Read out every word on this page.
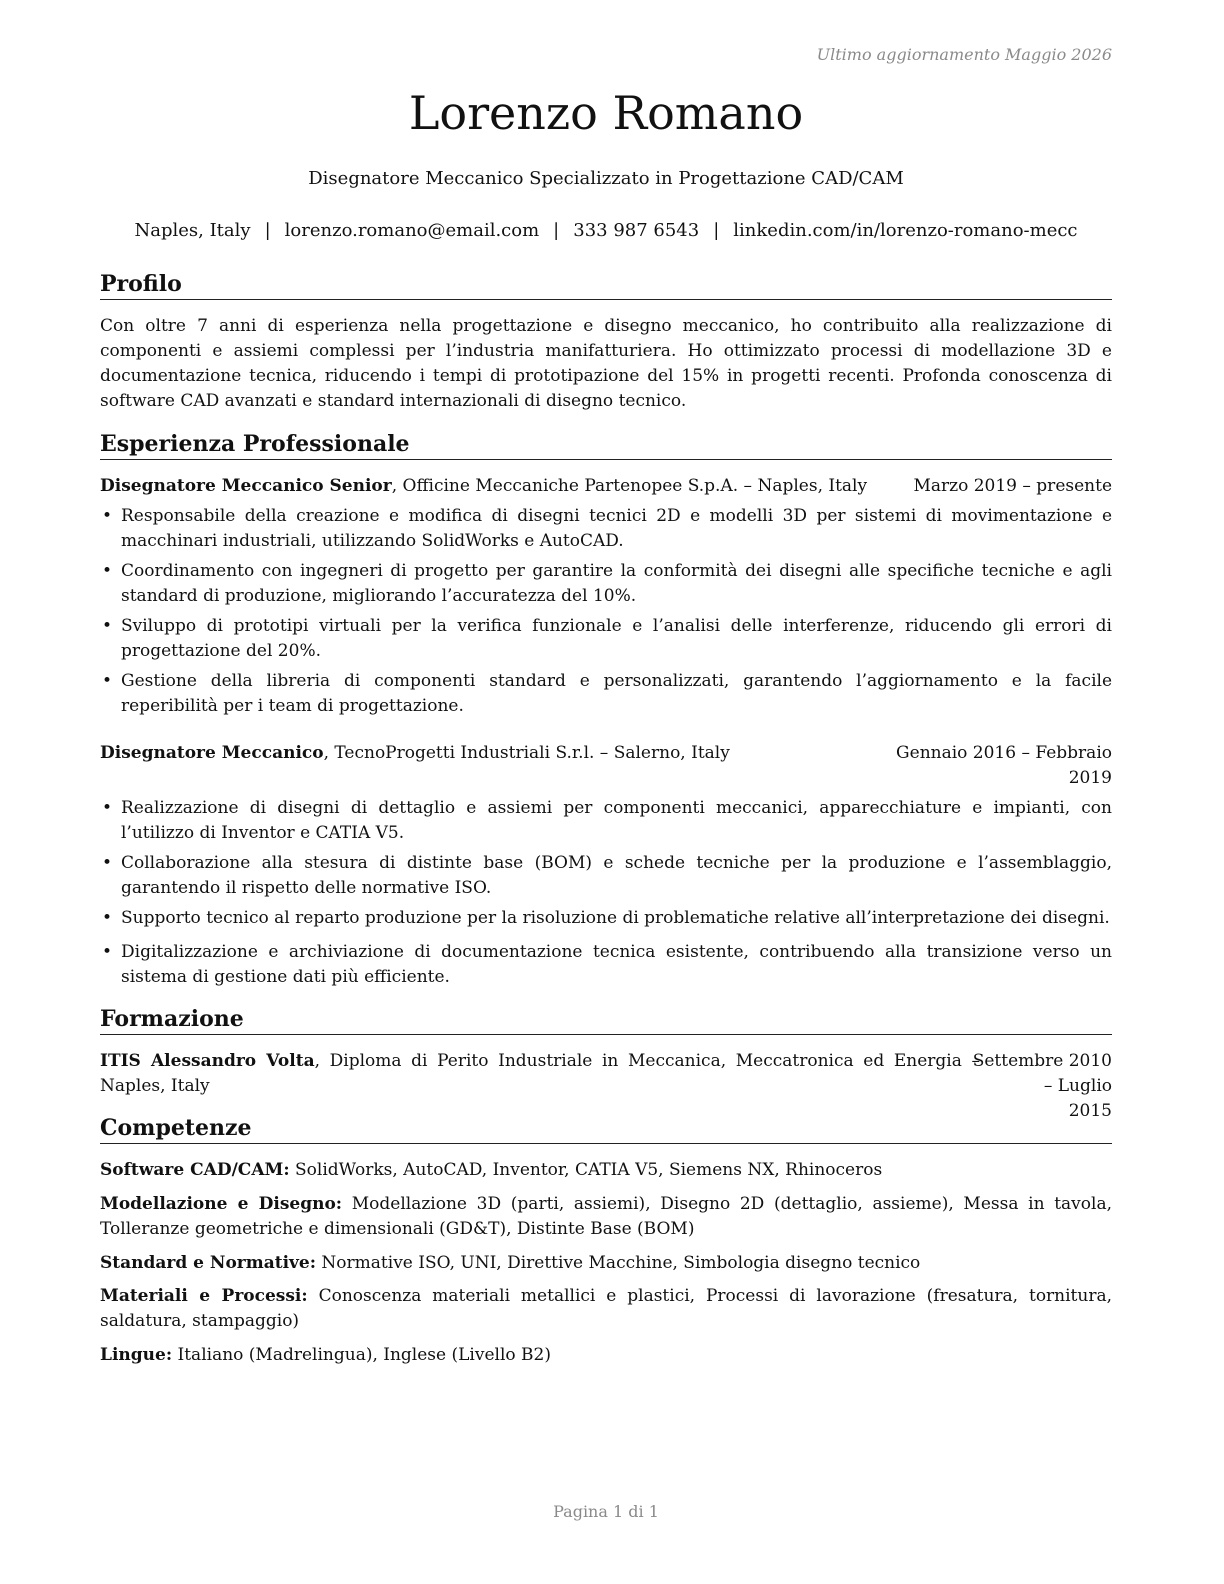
Ultimo aggiornamento Maggio 2026
Lorenzo Romano
Disegnatore Meccanico Specializzato in Progettazione CAD/CAM
Naples, Italy | lorenzo.romano@email.com | 333 987 6543 | linkedin.com/in/lorenzo-romano-mecc
Profilo
Con oltre 7 anni di esperienza nella progettazione e disegno meccanico, ho contribuito alla realizzazione di componenti e assiemi complessi per l’industria manifatturiera. Ho ottimizzato processi di modellazione 3D e documentazione tecnica, riducendo i tempi di prototipazione del 15% in progetti recenti. Profonda conoscenza di software CAD avanzati e standard internazionali di disegno tecnico.
Esperienza Professionale
Disegnatore Meccanico Senior, Officine Meccaniche Partenopee S.p.A. – Naples, Italy	Marzo 2019 – presente
• Responsabile della creazione e modifica di disegni tecnici 2D e modelli 3D per sistemi di movimentazione e macchinari industriali, utilizzando SolidWorks e AutoCAD.
• Coordinamento con ingegneri di progetto per garantire la conformità dei disegni alle specifiche tecniche e agli standard di produzione, migliorando l’accuratezza del 10%.
• Sviluppo di prototipi virtuali per la verifica funzionale e l’analisi delle interferenze, riducendo gli errori di progettazione del 20%.
• Gestione della libreria di componenti standard e personalizzati, garantendo l’aggiornamento e la facile reperibilità per i team di progettazione.
Disegnatore Meccanico, TecnoProgetti Industriali S.r.l. – Salerno, Italy	Gennaio 2016 – Febbraio
2019
• Realizzazione di disegni di dettaglio e assiemi per componenti meccanici, apparecchiature e impianti, con l’utilizzo di Inventor e CATIA V5.
• Collaborazione alla stesura di distinte base (BOM) e schede tecniche per la produzione e l’assemblaggio, garantendo il rispetto delle normative ISO.
• Supporto tecnico al reparto produzione per la risoluzione di problematiche relative all’interpretazione dei disegni.
• Digitalizzazione e archiviazione di documentazione tecnica esistente, contribuendo alla transizione verso un sistema di gestione dati più efficiente.
Formazione
ITIS Alessandro Volta, Diploma di Perito Industriale in Meccanica, Meccatronica ed Energia – Naples, Italy
Settembre 2010 – Luglio
2015
Competenze
Software CAD/CAM: SolidWorks, AutoCAD, Inventor, CATIA V5, Siemens NX, Rhinoceros
Modellazione e Disegno: Modellazione 3D (parti, assiemi), Disegno 2D (dettaglio, assieme), Messa in tavola, Tolleranze geometriche e dimensionali (GD&T), Distinte Base (BOM)
Standard e Normative: Normative ISO, UNI, Direttive Macchine, Simbologia disegno tecnico
Materiali e Processi: Conoscenza materiali metallici e plastici, Processi di lavorazione (fresatura, tornitura, saldatura, stampaggio)
Lingue: Italiano (Madrelingua), Inglese (Livello B2)
Pagina 1 di 1
